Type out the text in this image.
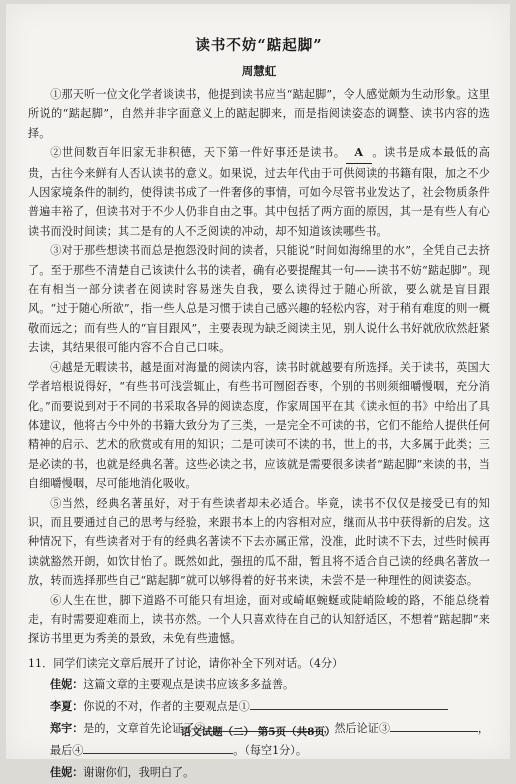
读书不妨“踮起脚”
周慧虹

①那天听一位文化学者谈读书，他提到读书应当“踮起脚”，令人感觉颇为生动形象。这里所说的“踮起脚”，自然并非字面意义上的踮起脚来，而是指阅读姿态的调整、读书内容的选择。

②世间数百年旧家无非积德，天下第一件好事还是读书。 A 。读书是成本最低的高贵，古往今来鲜有人否认读书的意义。如果说，过去年代由于可供阅读的书籍有限，加之不少人因家境条件的制约，使得读书成了一件奢侈的事情，可如今尽管书业发达了，社会物质条件普遍丰裕了，但读书对于不少人仍非自由之事。其中包括了两方面的原因，其一是有些人有心读书而没时间读；其二是有的人不乏阅读的冲动，却不知道该读哪些书。

③对于那些想读书而总是抱怨没时间的读者，只能说“时间如海绵里的水”，全凭自己去挤了。至于那些不清楚自己该读什么书的读者，确有必要提醒其一句——读书不妨“踮起脚”。现在有相当一部分读者在阅读时容易迷失自我，要么读得过于随心所欲，要么就是盲目跟风。“过于随心所欲”，指一些人总是习惯于读自己感兴趣的轻松内容，对于稍有难度的则一概敬而远之；而有些人的“盲目跟风”，主要表现为缺乏阅读主见，别人说什么书好就欣欣然赶紧去读，其结果很可能内容不合自己口味。

④越是无暇读书，越是面对海量的阅读内容，读书时就越要有所选择。关于读书，英国大学者培根说得好，“有些书可浅尝辄止，有些书可囫囵吞枣，个别的书则须细嚼慢咽，充分消化。”而要说到对于不同的书采取各异的阅读态度，作家周国平在其《读永恒的书》中给出了具体建议，他将古今中外的书籍大致分为了三类，一是完全不可读的书，它们不能给人提供任何精神的启示、艺术的欣赏或有用的知识；二是可读可不读的书，世上的书，大多属于此类；三是必读的书，也就是经典名著。这些必读之书，应该就是需要很多读者“踮起脚”来读的书，当自细嚼慢咽，尽可能地消化吸收。

⑤当然，经典名著虽好，对于有些读者却未必适合。毕竟，读书不仅仅是接受已有的知识，而且要通过自己的思考与经验，来跟书本上的内容相对应，继而从书中获得新的启发。这种情况下，有些读者对于有的经典名著读不下去亦属正常，没准，此时读不下去，过些时候再读就豁然开朗，如饮甘怡了。既然如此，强扭的瓜不甜，暂且将不适合自己读的经典名著放一放，转而选择那些自己“踮起脚”就可以够得着的好书来读，未尝不是一种理性的阅读姿态。

⑥人生在世，脚下道路不可能只有坦途，面对或崎岖蜿蜒或陡峭险峻的路，不能总绕着走，有时需要迎难而上，读书亦然。一个人只喜欢待在自己的认知舒适区，不想着“踮起脚”来探访书里更为秀美的景致，未免有些遗憾。

11．同学们读完文章后展开了讨论，请你补全下列对话。（4分）
佳妮：这篇文章的主要观点是读书应该多多益善。
李夏：你说的不对，作者的主要观点是①
郑宇：是的，文章首先论证了②	，然后论证③	，
最后④	。（每空1分）。
佳妮：谢谢你们，我明白了。
语文试题（二） 第5页（共8页）
